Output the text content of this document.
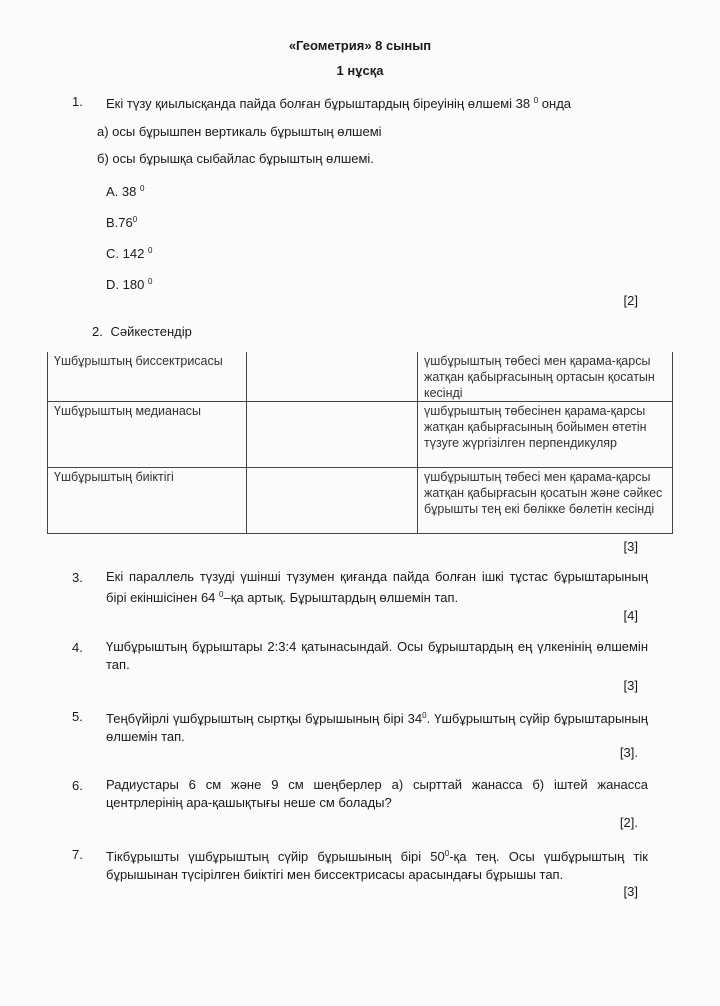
«Геометрия» 8 сынып
1 нұсқа
1. Екі түзу қиылысқанда пайда болған бұрыштардың біреуінің өлшемі 38 $^0$ онда
а) осы бұрышпен вертикаль бұрыштың өлшемі
б) осы бұрышқа сыбайлас бұрыштың өлшемі.
A. 38 $^0$
$B.76^0$
C. 142 $^0$
D. 180 $^0$
[2]
2. Сәйкестендір
Үшбұрыштың биссектрисасы		үшбұрыштың төбесі мен қарама-қарсы жатқан қабырғасының ортасын қосатын кесінді
Үшбұрыштың медианасы		үшбұрыштың төбесінен қарама-қарсы жатқан қабырғасының бойымен өтетін түзуге жүргізілген перпендикуляр
Үшбұрыштың биіктігі		үшбұрыштың төбесі мен қарама-қарсы жатқан қабырғасын қосатын және сәйкес бұрышты тең екі бөлікке бөлетін кесінді
[3]
3. Екі параллель түзуді үшінші түзумен қиғанда пайда болған ішкі тұстас бұрыштарының бірі екіншісінен 64 $^0$–қа артық. Бұрыштардың өлшемін тап.
[4]
4. Үшбұрыштың бұрыштары 2:3:4 қатынасындай. Осы бұрыштардың ең үлкенінің өлшемін тап.
[3]
5. Теңбүйірлі үшбұрыштың сыртқы бұрышының бірі $34^0$. Үшбұрыштың сүйір бұрыштарының өлшемін тап.
[3].
6. Радиустары 6 см және 9 см шеңберлер а) сырттай жанасса б) іштей жанасса центрлерінің ара-қашықтығы неше см болады?
[2].
7. Тікбұрышты үшбұрыштың сүйір бұрышының бірі $50^0-қа$ тең. Осы үшбұрыштың тік бұрышынан түсірілген биіктігі мен биссектрисасы арасындағы бұрышы тап.
[3]
